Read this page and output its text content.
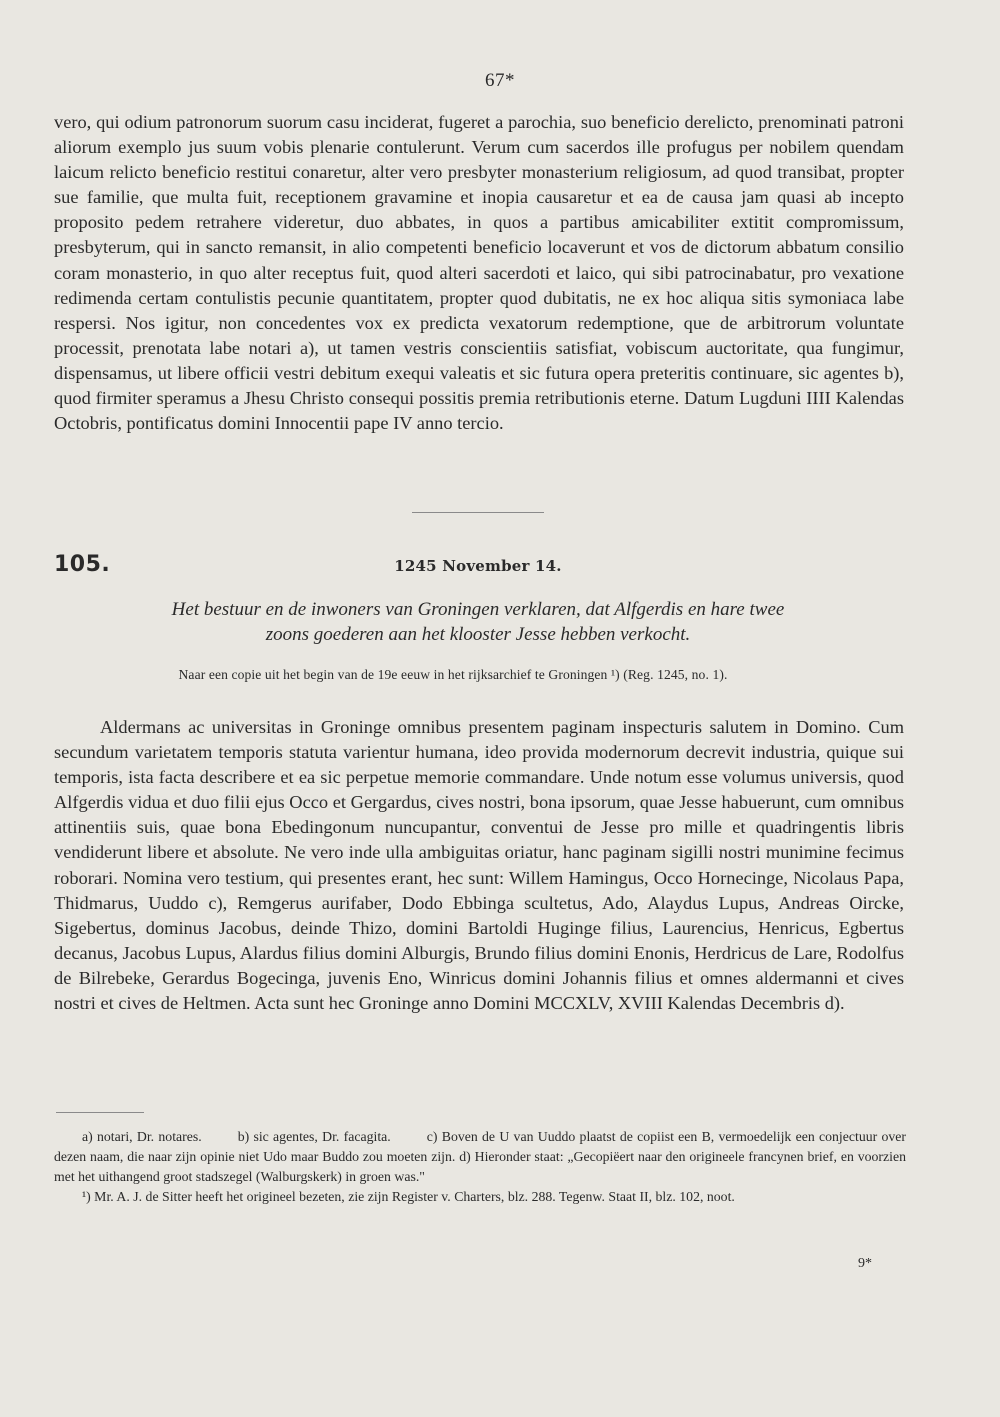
67*

vero, qui odium patronorum suorum casu inciderat, fugeret a parochia, suo beneficio derelicto, prenominati patroni aliorum exemplo jus suum vobis plenarie contulerunt. Verum cum sacerdos ille profugus per nobilem quendam laicum relicto beneficio restitui conaretur, alter vero presbyter monasterium religiosum, ad quod transibat, propter sue familie, que multa fuit, receptionem gravamine et inopia causaretur et ea de causa jam quasi ab incepto proposito pedem retrahere videretur, duo abbates, in quos a partibus amicabiliter extitit compromissum, presbyterum, qui in sancto remansit, in alio competenti beneficio locaverunt et vos de dictorum abbatum consilio coram monasterio, in quo alter receptus fuit, quod alteri sacerdoti et laico, qui sibi patrocinabatur, pro vexatione redimenda certam contulistis pecunie quantitatem, propter quod dubitatis, ne ex hoc aliqua sitis symoniaca labe respersi. Nos igitur, non concedentes vox ex predicta vexatorum redemptione, que de arbitrorum voluntate processit, prenotata labe notari a), ut tamen vestris conscientiis satisfiat, vobiscum auctoritate, qua fungimur, dispensamus, ut libere officii vestri debitum exequi valeatis et sic futura opera preteritis continuare, sic agentes b), quod firmiter speramus a Jhesu Christo consequi possitis premia retributionis eterne. Datum Lugduni IIII Kalendas Octobris, pontificatus domini Innocentii pape IV anno tercio.

105.	1245 November 14.
Het bestuur en de inwoners van Groningen verklaren, dat Alfgerdis en hare twee
zoons goederen aan het klooster Jesse hebben verkocht.
Naar een copie uit het begin van de 19e eeuw in het rijksarchief te Groningen ¹) (Reg. 1245, no. 1).

Aldermans ac universitas in Groninge omnibus presentem paginam inspecturis salutem in Domino. Cum secundum varietatem temporis statuta varientur humana, ideo provida modernorum decrevit industria, quique sui temporis, ista facta describere et ea sic perpetue memorie commandare. Unde notum esse volumus universis, quod Alfgerdis vidua et duo filii ejus Occo et Gergardus, cives nostri, bona ipsorum, quae Jesse habuerunt, cum omnibus attinentiis suis, quae bona Ebedingonum nuncupantur, conventui de Jesse pro mille et quadringentis libris vendiderunt libere et absolute. Ne vero inde ulla ambiguitas oriatur, hanc paginam sigilli nostri munimine fecimus roborari. Nomina vero testium, qui presentes erant, hec sunt: Willem Hamingus, Occo Hornecinge, Nicolaus Papa, Thidmarus, Uuddo c), Remgerus aurifaber, Dodo Ebbinga scultetus, Ado, Alaydus Lupus, Andreas Oircke, Sigebertus, dominus Jacobus, deinde Thizo, domini Bartoldi Huginge filius, Laurencius, Henricus, Egbertus decanus, Jacobus Lupus, Alardus filius domini Alburgis, Brundo filius domini Enonis, Herdricus de Lare, Rodolfus de Bilrebeke, Gerardus Bogecinga, juvenis Eno, Winricus domini Johannis filius et omnes aldermanni et cives nostri et cives de Heltmen. Acta sunt hec Groninge anno Domini MCCXLV, XVIII Kalendas Decembris d).

a) notari, Dr. notares.	b) sic agentes, Dr. facagita.	c) Boven de U van Uuddo plaatst de copiist een B, vermoedelijk een conjectuur over dezen naam, die naar zijn opinie niet Udo maar Buddo zou moeten zijn. d) Hieronder staat: „Gecopiëert naar den origineele francynen brief, en voorzien met het uithangend groot stadszegel (Walburgskerk) in groen was."

¹) Mr. A. J. de Sitter heeft het origineel bezeten, zie zijn Register v. Charters, blz. 288. Tegenw. Staat II, blz. 102, noot.

9*
